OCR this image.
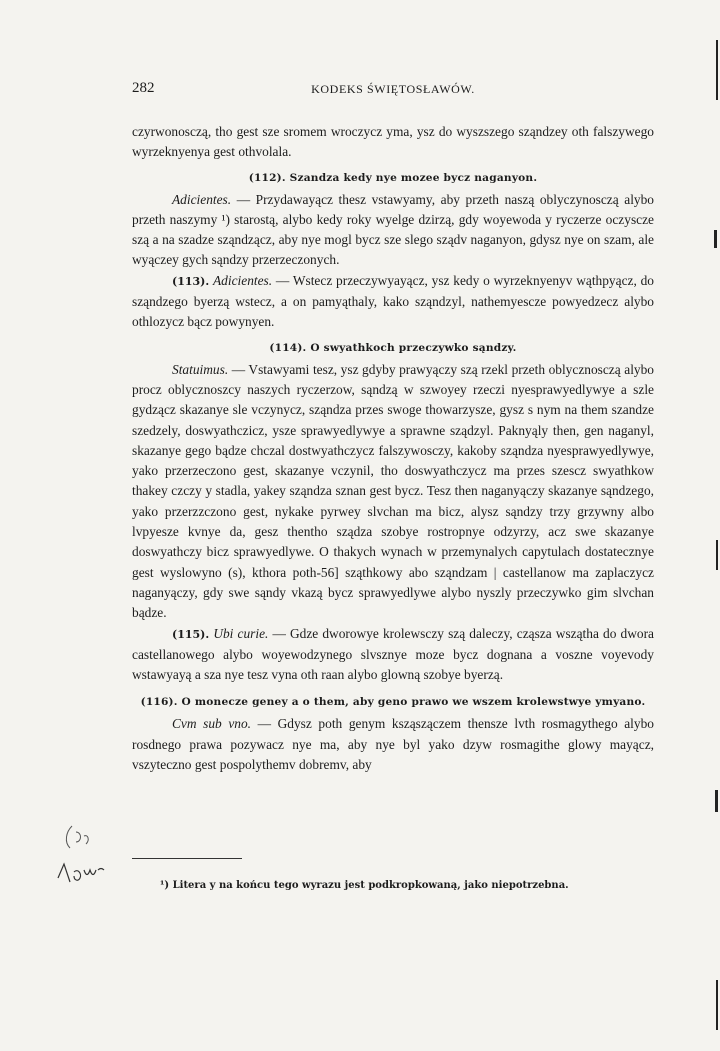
282	KODEKS ŚWIĘTOSŁAWÓW.

czyrwonosczą, tho gest sze sromem wroczycz yma, ysz do wyszszego sząndzey oth falszywego wyrzeknyenya gest othvolala.

(112). Szandza kedy nye mozee bycz naganyon.

Adicientes. — Przydawayącz thesz vstawyamy, aby przeth naszą oblyczynosczą alybo przeth naszymy ¹) starostą, alybo kedy roky wyelge dzirzą, gdy woyewoda y ryczerze oczyscze szą a na szadze sząndzącz, aby nye mogl bycz sze slego sządv naganyon, gdysz nye on szam, ale wyączey gych sąndzy przerzeczonych.

(113). Adicientes. — Wstecz przeczywyayącz, ysz kedy o wyrzeknyenyv wąthpyącz, do sząndzego byerzą wstecz, a on pamyąthaly, kako sząndzyl, nathemyescze powyedzecz alybo othlozycz bącz powynyen.

(114). O swyathkoch przeczywko sąndzy.

Statuimus. — Vstawyami tesz, ysz gdyby prawyączy szą rzekl przeth oblycznosczą alybo procz oblycznoszcy naszych ryczerzow, sąndzą w szwoyey rzeczi nyesprawyedlywye a szle gydzącz skazanye sle vczynycz, sząndza przes swoge thowarzysze, gysz s nym na them szandze szedzely, doswyathczicz, ysze sprawyedlywye a sprawne sządzyl. Paknyąly then, gen naganyl, skazanye gego bądze chczal dostwyathczycz falszywosczy, kakoby sząndza nyesprawyedlywye, yako przerzeczono gest, skazanye vczynil, tho doswyathczycz ma przes szescz swyathkow thakey czczy y stadla, yakey sząndza sznan gest bycz. Tesz then naganyączy skazanye sąndzego, yako przerzzczono gest, nykake pyrwey slvchan ma bicz, alysz sąndzy trzy grzywny albo lvpyesze kvnye da, gesz thentho sządza szobye rostropnye odzyrzy, acz swe skazanye doswyathczy bicz sprawyedlywe. O thakych wynach w przemynalych capytulach dostatecznye gest wyslowyno (s), kthora poth-56] sząthkowy abo sząndzam | castellanow ma zaplaczycz naganyączy, gdy swe sąndy vkazą bycz sprawyedlywe alybo nyszly przeczywko gim slvchan bądze.

(115). Ubi curie. — Gdze dworowye krolewsczy szą daleczy, cząsza wszątha do dwora castellanowego alybo woyewodzynego slvsznye moze bycz dognana a voszne voyevody wstawyayą a sza nye tesz vyna oth raan alybo glowną szobye byerzą.

(116). O monecze geney a o them, aby geno prawo we wszem krolewstwye ymyano.

Cvm sub vno. — Gdysz poth genym ksząszączem thensze lvth rosmagythego alybo rosdnego prawa pozywacz nye ma, aby nye byl yako dzyw rosmagithe glowy mayącz, vszyteczno gest pospolythemv dobremv, aby

¹) Litera y na końcu tego wyrazu jest podkropkowaną, jako niepotrzebna.
